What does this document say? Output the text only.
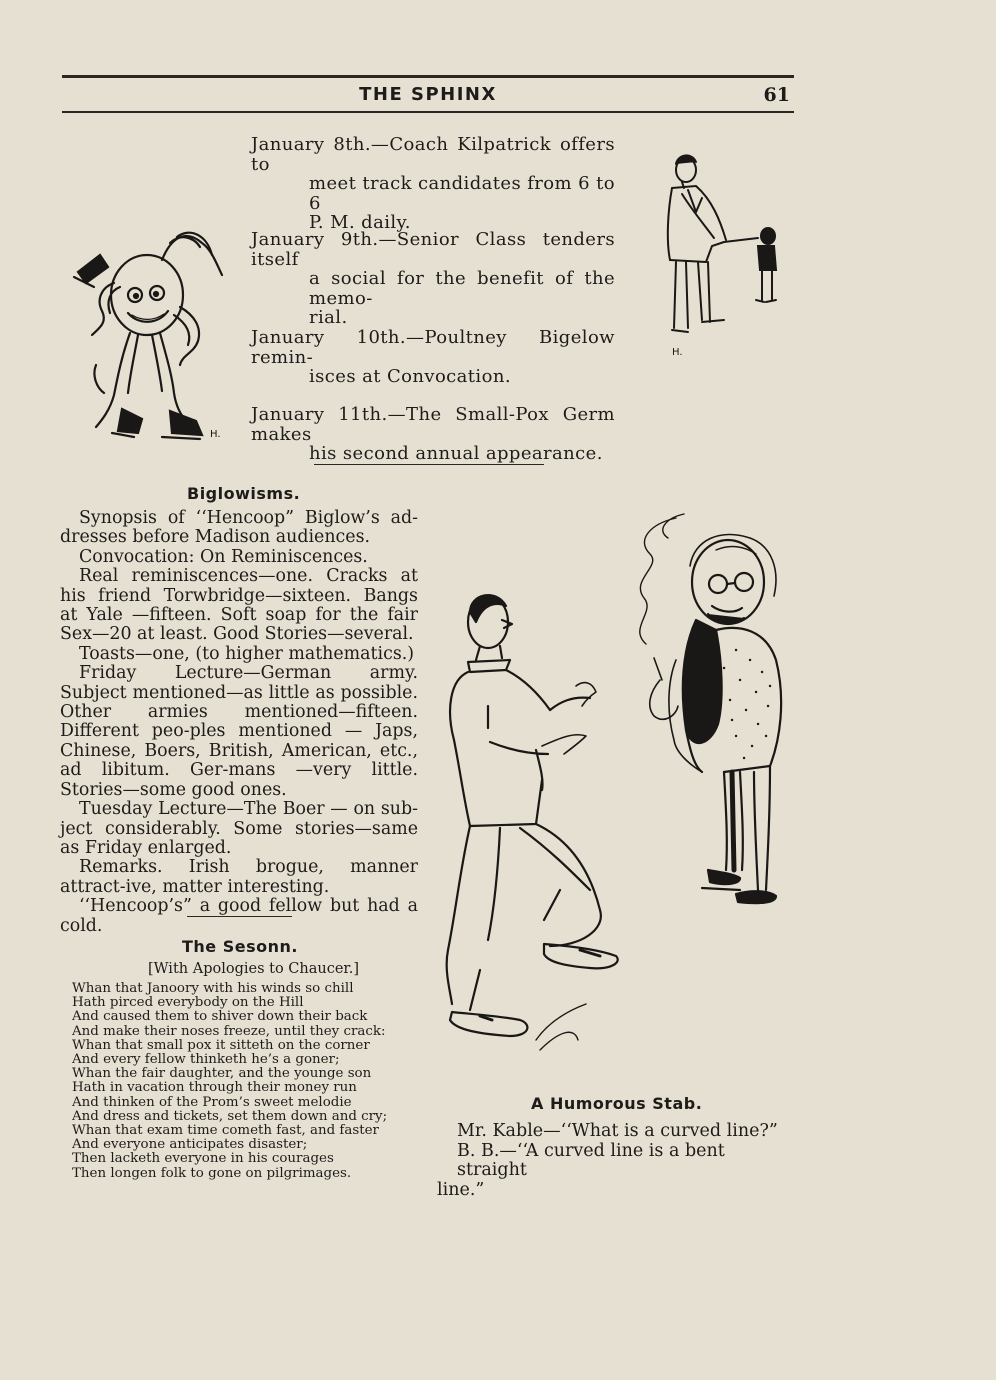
THE SPHINX	61
January 8th.—Coach Kilpatrick offers to
meet track candidates from 6 to 6
P. M. daily.
January 9th.—Senior Class tenders itself
a social for the benefit of the memo-
rial.
January 10th.—Poultney Bigelow remin-
isces at Convocation.
January 11th.—The Small-Pox Germ makes
his second annual appearance.
H.
H.
Biglowisms.

Synopsis of ‘‘Hencoop” Biglow’s ad-dresses before Madison audiences.

Convocation: On Reminiscences.

Real reminiscences—one. Cracks at his friend Torwbridge—sixteen. Bangs at Yale —fifteen. Soft soap for the fair Sex—20 at least. Good Stories—several.

Toasts—one, (to higher mathematics.)

Friday Lecture—German army. Subject mentioned—as little as possible. Other armies mentioned—fifteen. Different peo-ples mentioned — Japs, Chinese, Boers, British, American, etc., ad libitum. Ger-mans —very little. Stories—some good ones.

Tuesday Lecture—The Boer — on sub-ject considerably. Some stories—same as Friday enlarged.

Remarks. Irish brogue, manner attract-ive, matter interesting.

‘‘Hencoop’s” a good fellow but had a cold.

The Sesonn.
[With Apologies to Chaucer.]
Whan that Janoory with his winds so chill
Hath pirced everybody on the Hill
And caused them to shiver down their back
And make their noses freeze, until they crack:
Whan that small pox it sitteth on the corner
And every fellow thinketh he’s a goner;
Whan the fair daughter, and the younge son
Hath in vacation through their money run
And thinken of the Prom’s sweet melodie
And dress and tickets, set them down and cry;
Whan that exam time cometh fast, and faster
And everyone anticipates disaster;
Then lacketh everyone in his courages
Then longen folk to gone on pilgrimages.
A Humorous Stab.

Mr. Kable—‘‘What is a curved line?”

B. B.—‘‘A curved line is a bent straight

line.”
